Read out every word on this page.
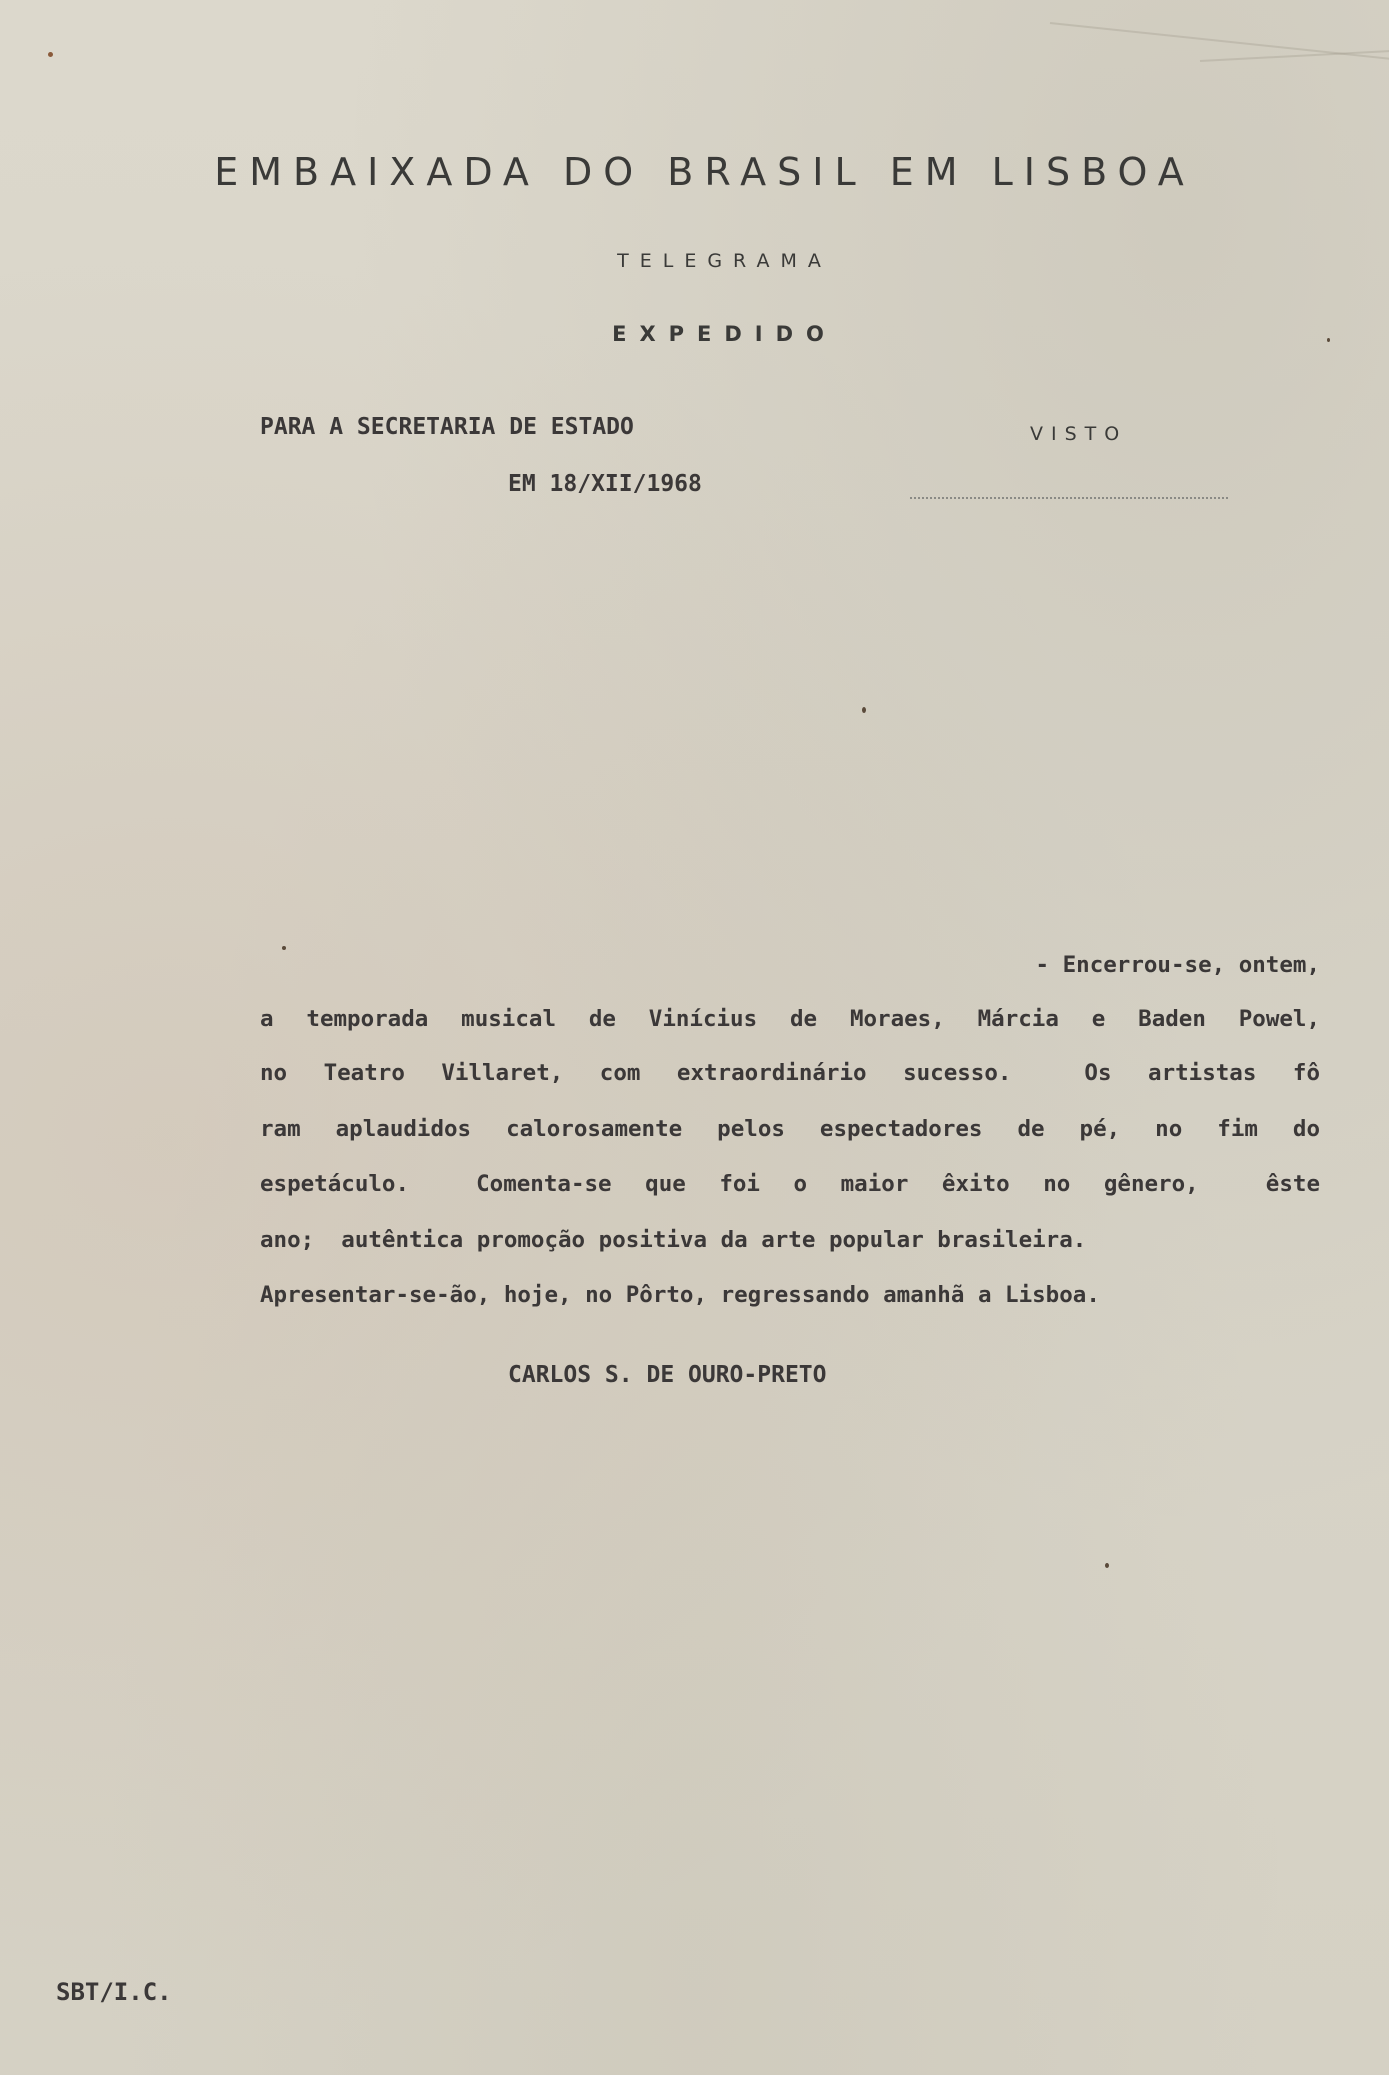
EMBAIXADA DO BRASIL EM LISBOA
TELEGRAMA
EXPEDIDO
PARA A SECRETARIA DE ESTADO
EM 18/XII/1968
VISTO
- Encerrou-se, ontem,
a temporada musical de Vinícius de Moraes, Márcia e Baden Powel,
no Teatro Villaret, com extraordinário sucesso.  Os artistas fô
ram aplaudidos calorosamente pelos espectadores de pé, no fim do
espetáculo.  Comenta-se que foi o maior êxito no gênero,  êste
ano;  autêntica promoção positiva da arte popular brasileira.
Apresentar-se-ão, hoje, no Pôrto, regressando amanhã a Lisboa.
CARLOS S. DE OURO-PRETO
SBT/I.C.
